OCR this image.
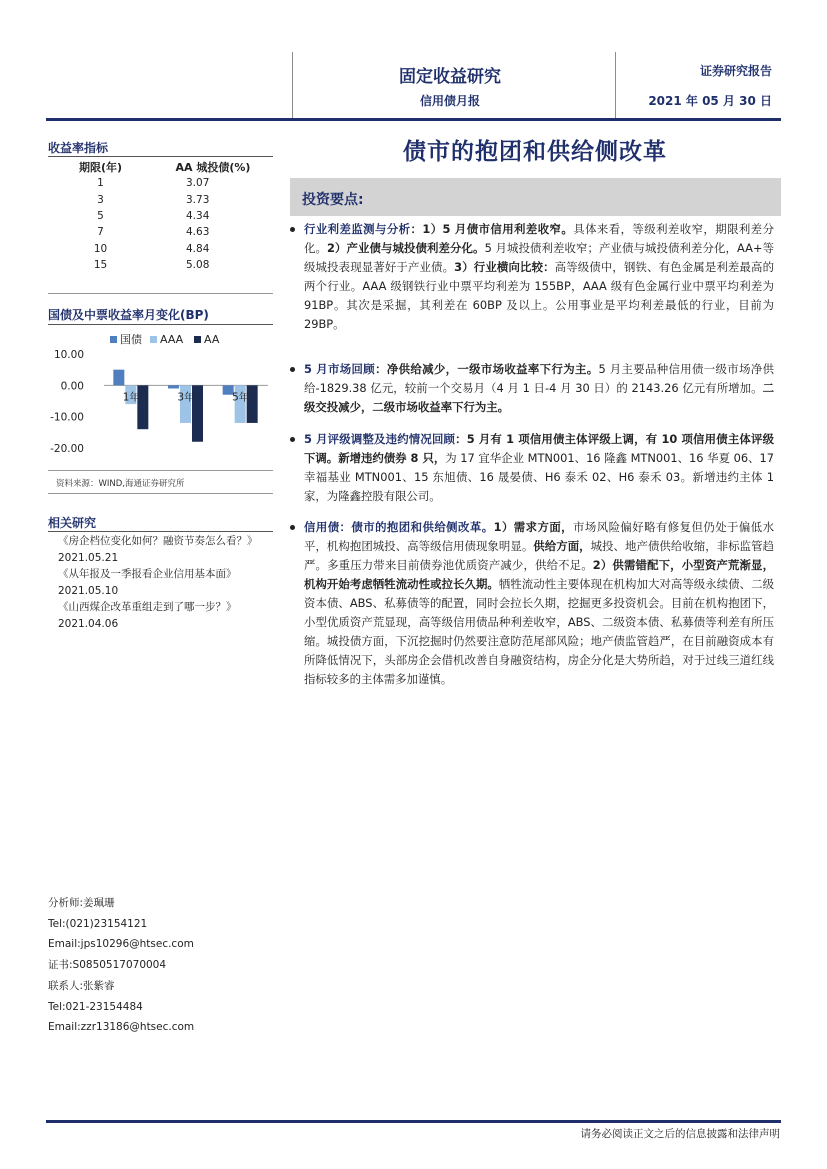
固定收益研究
信用债月报
证券研究报告
2021 年 05 月 30 日
债市的抱团和供给侧改革
收益率指标
期限(年)	AA 城投债(%)
1	3.07
3	3.73
5	4.34
7	4.63
10	4.84
15	5.08
国债及中票收益率月变化(BP)
国债 AAA AA
10.00
0.00
-10.00
-20.00
1年	3年	5年
资料来源：WIND,海通证券研究所
相关研究
《房企档位变化如何？融资节奏怎么看？》2021.05.21
《从年报及一季报看企业信用基本面》
2021.05.10
《山西煤企改革重组走到了哪一步？》
2021.04.06
分析师:姜珮珊
Tel:(021)23154121
Email:jps10296@htsec.com
证书:S0850517070004
联系人:张紫睿
Tel:021-23154484
Email:zzr13186@htsec.com
投资要点:
行业利差监测与分析：1）5 月债市信用利差收窄。具体来看，等级利差收窄，期限利差分化。2）产业债与城投债利差分化。5 月城投债利差收窄；产业债与城投债利差分化，AA+等级城投表现显著好于产业债。3）行业横向比较：高等级债中，钢铁、有色金属是利差最高的两个行业。AAA 级钢铁行业中票平均利差为 155BP，AAA 级有色金属行业中票平均利差为 91BP。其次是采掘，其利差在 60BP 及以上。公用事业是平均利差最低的行业，目前为 29BP。
5 月市场回顾：净供给减少，一级市场收益率下行为主。5 月主要品种信用债一级市场净供给-1829.38 亿元，较前一个交易月（4 月 1 日-4 月 30 日）的 2143.26 亿元有所增加。二级交投减少，二级市场收益率下行为主。
5 月评级调整及违约情况回顾：5 月有 1 项信用债主体评级上调，有 10 项信用债主体评级下调。新增违约债券 8 只，为 17 宜华企业 MTN001、16 隆鑫 MTN001、16 华夏 06、17 幸福基业 MTN001、15 东旭债、16 晟晏债、H6 泰禾 02、H6 泰禾 03。新增违约主体 1 家，为隆鑫控股有限公司。
信用债：债市的抱团和供给侧改革。1）需求方面，市场风险偏好略有修复但仍处于偏低水平，机构抱团城投、高等级信用债现象明显。供给方面，城投、地产债供给收缩，非标监管趋严。多重压力带来目前债券池优质资产减少，供给不足。2）供需错配下，小型资产荒渐显，机构开始考虑牺牲流动性或拉长久期。牺牲流动性主要体现在机构加大对高等级永续债、二级资本债、ABS、私募债等的配置，同时会拉长久期，挖掘更多投资机会。目前在机构抱团下，小型优质资产荒显现，高等级信用债品种利差收窄，ABS、二级资本债、私募债等利差有所压缩。城投债方面，下沉挖掘时仍然要注意防范尾部风险；地产债监管趋严，在目前融资成本有所降低情况下，头部房企会借机改善自身融资结构，房企分化是大势所趋，对于过线三道红线指标较多的主体需多加谨慎。
请务必阅读正文之后的信息披露和法律声明
